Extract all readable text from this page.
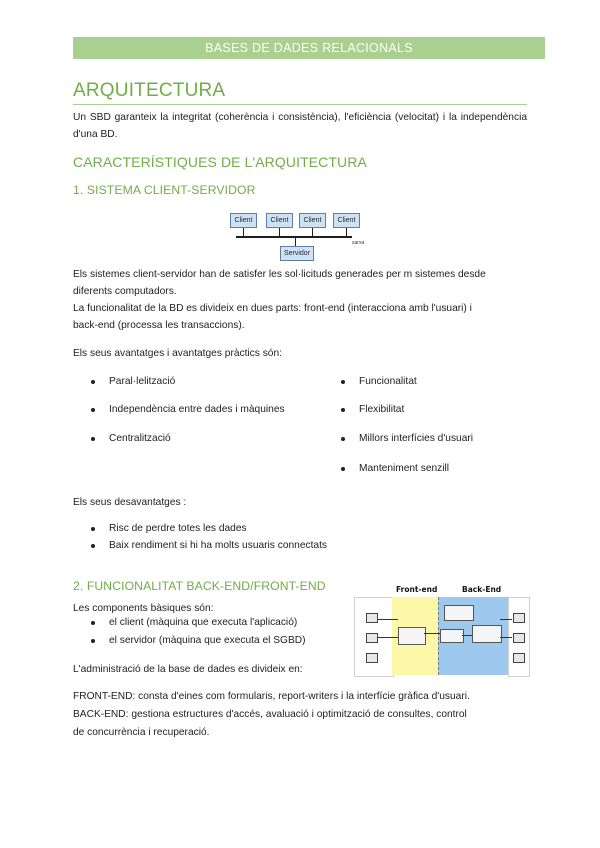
BASES DE DADES RELACIONALS
ARQUITECTURA
Un SBD garanteix la integritat (coherència i consistència), l'eficiència (velocitat) i la independència d'una BD.
CARACTERÍSTIQUES DE L'ARQUITECTURA
1. SISTEMA CLIENT-SERVIDOR
Client	Client Client Client
Servidor
xarxa
Els sistemes client-servidor han de satisfer les sol·licituds generades per m sistemes desde
diferents computadors.
La funcionalitat de la BD es divideix en dues parts: front-end (interacciona amb l'usuari) i
back-end (processa les transaccions).
Els seus avantatges i avantatges pràctics són:
Paral·lelització
Independència entre dades i màquines
Centralització
Funcionalitat
Flexibilitat
Millors interfícies d'usuari
Manteniment senzill
Els seus desavantatges :
Risc de perdre totes les dades
Baix rendiment si hi ha molts usuaris connectats
2. FUNCIONALITAT BACK-END/FRONT-END	Front-end	Back-End
Les components bàsiques són:
el client (màquina que executa l'aplicació)
el servidor (màquina que executa el SGBD)
L'administració de la base de dades es divideix en:
FRONT-END: consta d'eines com formularis, report-writers i la interfície gràfica d'usuari.
BACK-END: gestiona estructures d'accés, avaluació i optimització de consultes, control
de concurrència i recuperació.
